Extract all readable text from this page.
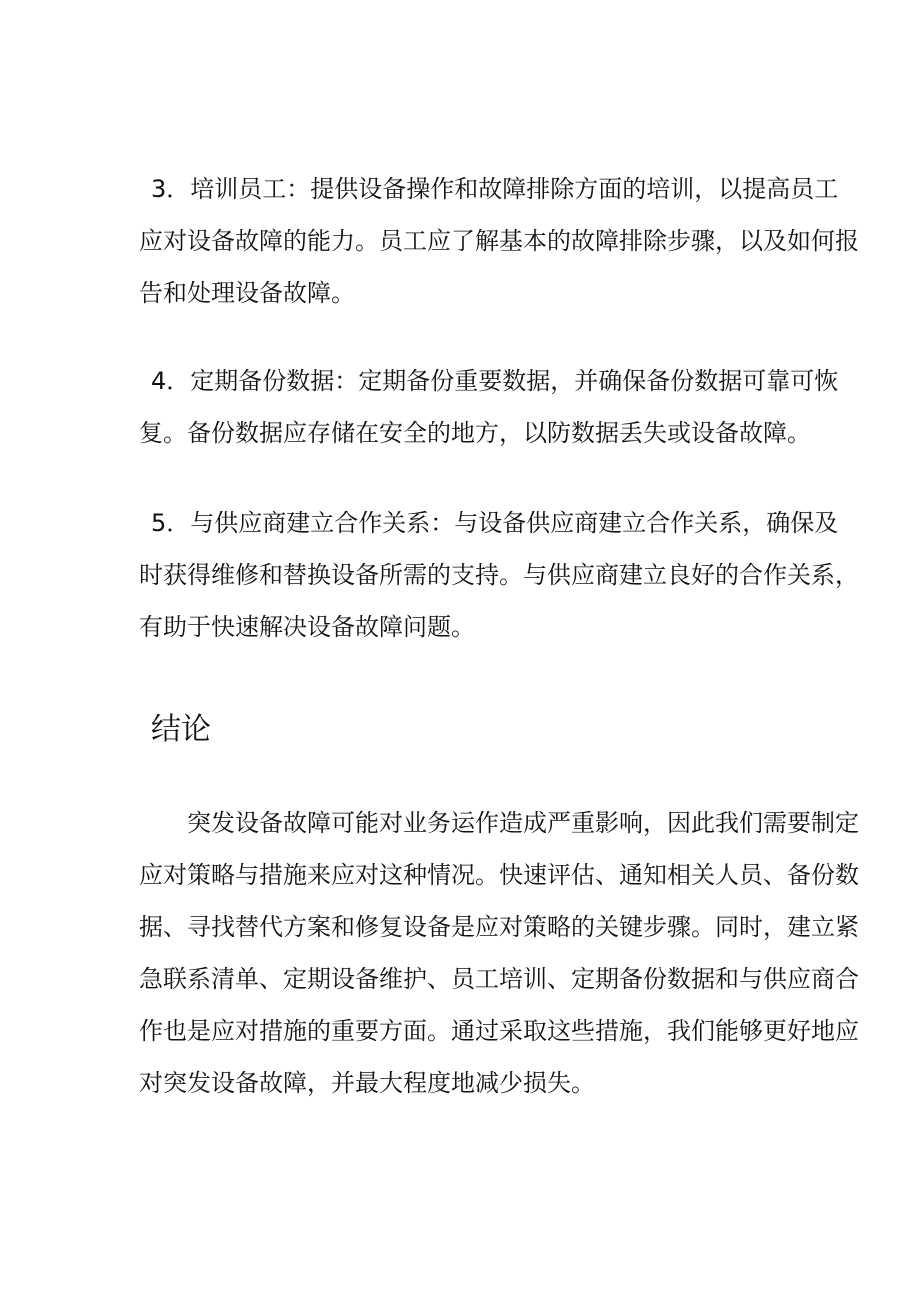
3．培训员工：提供设备操作和故障排除方面的培训，以提高员工
应对设备故障的能力。员工应了解基本的故障排除步骤，以及如何报
告和处理设备故障。

4．定期备份数据：定期备份重要数据，并确保备份数据可靠可恢
复。备份数据应存储在安全的地方，以防数据丢失或设备故障。

5．与供应商建立合作关系：与设备供应商建立合作关系，确保及
时获得维修和替换设备所需的支持。与供应商建立良好的合作关系，
有助于快速解决设备故障问题。

结论

突发设备故障可能对业务运作造成严重影响，因此我们需要制定
应对策略与措施来应对这种情况。快速评估、通知相关人员、备份数
据、寻找替代方案和修复设备是应对策略的关键步骤。同时，建立紧
急联系清单、定期设备维护、员工培训、定期备份数据和与供应商合
作也是应对措施的重要方面。通过采取这些措施，我们能够更好地应
对突发设备故障，并最大程度地减少损失。
